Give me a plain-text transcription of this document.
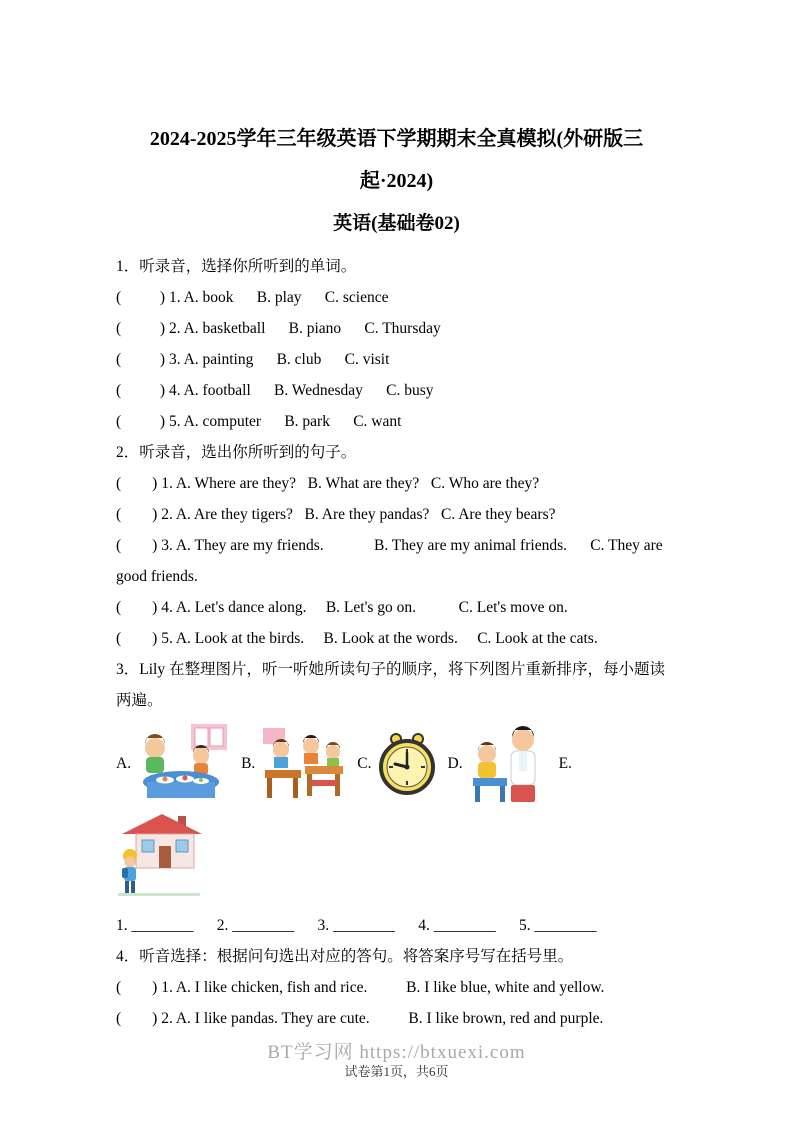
2024-2025学年三年级英语下学期期末全真模拟(外研版三
起·2024)
英语(基础卷02)
1．听录音，选择你所听到的单词。
(          ) 1. A. book      B. play      C. science
(          ) 2. A. basketball      B. piano      C. Thursday
(          ) 3. A. painting      B. club      C. visit
(          ) 4. A. football      B. Wednesday      C. busy
(          ) 5. A. computer      B. park      C. want
2．听录音，选出你所听到的句子。
(        ) 1. A. Where are they?   B. What are they?   C. Who are they?
(        ) 2. A. Are they tigers?   B. Are they pandas?   C. Are they bears?
(        ) 3. A. They are my friends.             B. They are my animal friends.      C. They are good friends.
(        ) 4. A. Let's dance along.     B. Let's go on.           C. Let's move on.
(        ) 5. A. Look at the birds.     B. Look at the words.     C. Look at the cats.
3．Lily 在整理图片，听一听她所读句子的顺序，将下列图片重新排序，每小题读两遍。
A.	B.	C.	D.	E.
1. ________      2. ________      3. ________      4. ________      5. ________
4．听音选择：根据问句选出对应的答句。将答案序号写在括号里。
(        ) 1. A. I like chicken, fish and rice.          B. I like blue, white and yellow.
(        ) 2. A. I like pandas. They are cute.          B. I like brown, red and purple.
BT学习网 https://btxuexi.com
试卷第1页，共6页
